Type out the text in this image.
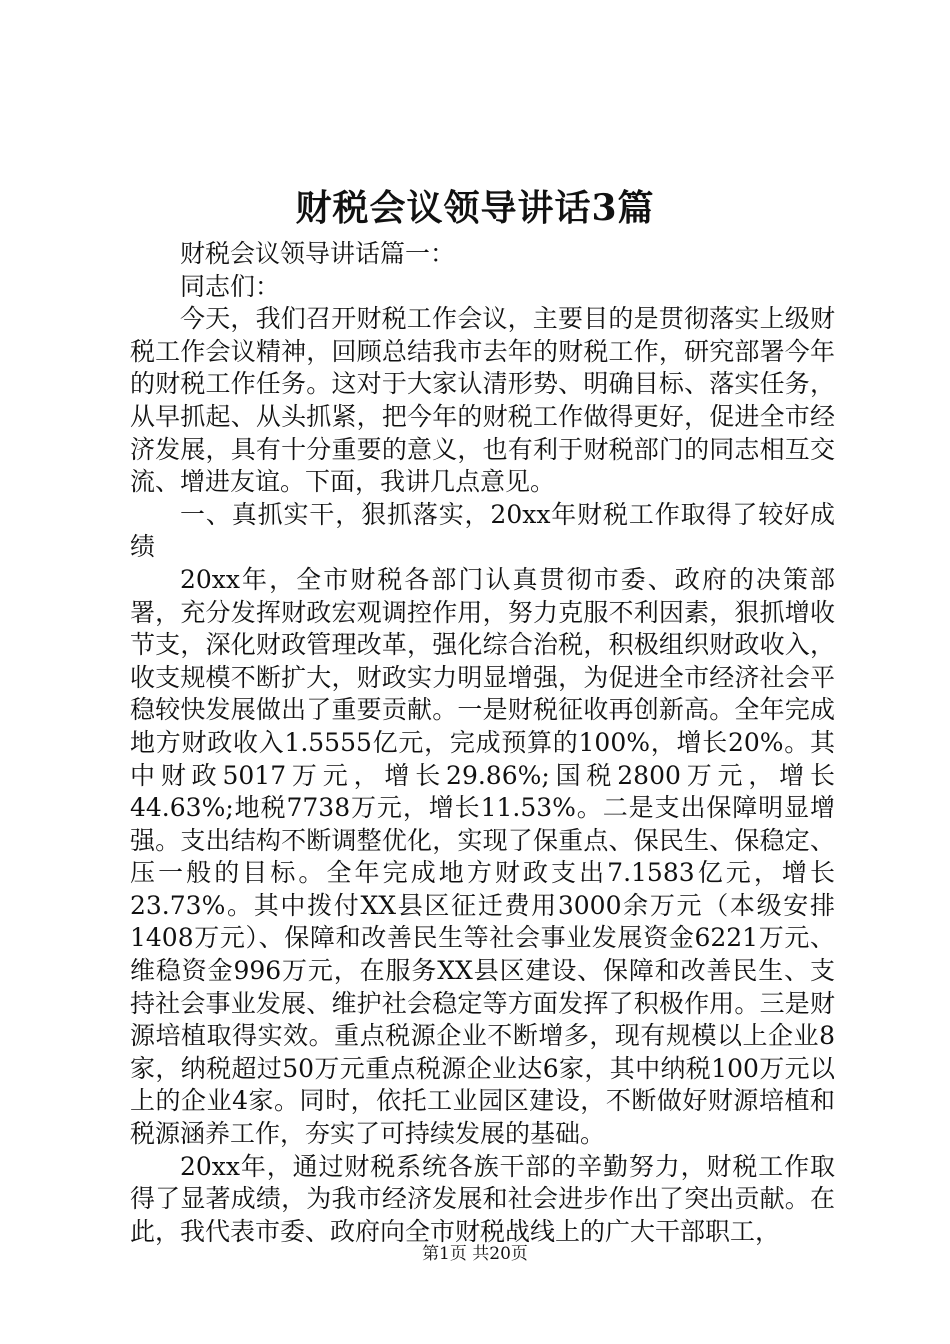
财税会议领导讲话3篇

财税会议领导讲话篇一：

同志们：

今天，我们召开财税工作会议，主要目的是贯彻落实上级财税工作会议精神，回顾总结我市去年的财税工作，研究部署今年的财税工作任务。这对于大家认清形势、明确目标、落实任务，从早抓起、从头抓紧，把今年的财税工作做得更好，促进全市经济发展，具有十分重要的意义，也有利于财税部门的同志相互交流、增进友谊。下面，我讲几点意见。

一、真抓实干，狠抓落实，20xx年财税工作取得了较好成绩

20xx年，全市财税各部门认真贯彻市委、政府的决策部署，充分发挥财政宏观调控作用，努力克服不利因素，狠抓增收节支，深化财政管理改革，强化综合治税，积极组织财政收入，收支规模不断扩大，财政实力明显增强，为促进全市经济社会平稳较快发展做出了重要贡献。一是财税征收再创新高。全年完成地方财政收入1.5555亿元，完成预算的100%，增长20%。其中财政5017万元，增长29.86%;国税2800万元，增长44.63%;地税7738万元，增长11.53%。二是支出保障明显增强。支出结构不断调整优化，实现了保重点、保民生、保稳定、压一般的目标。全年完成地方财政支出7.1583亿元，增长23.73%。其中拨付XX县区征迁费用3000余万元（本级安排1408万元）、保障和改善民生等社会事业发展资金6221万元、维稳资金996万元，在服务XX县区建设、保障和改善民生、支持社会事业发展、维护社会稳定等方面发挥了积极作用。三是财源培植取得实效。重点税源企业不断增多，现有规模以上企业8家，纳税超过50万元重点税源企业达6家，其中纳税100万元以上的企业4家。同时，依托工业园区建设，不断做好财源培植和税源涵养工作，夯实了可持续发展的基础。

20xx年，通过财税系统各族干部的辛勤努力，财税工作取得了显著成绩，为我市经济发展和社会进步作出了突出贡献。在此，我代表市委、政府向全市财税战线上的广大干部职工，

第1页 共20页
